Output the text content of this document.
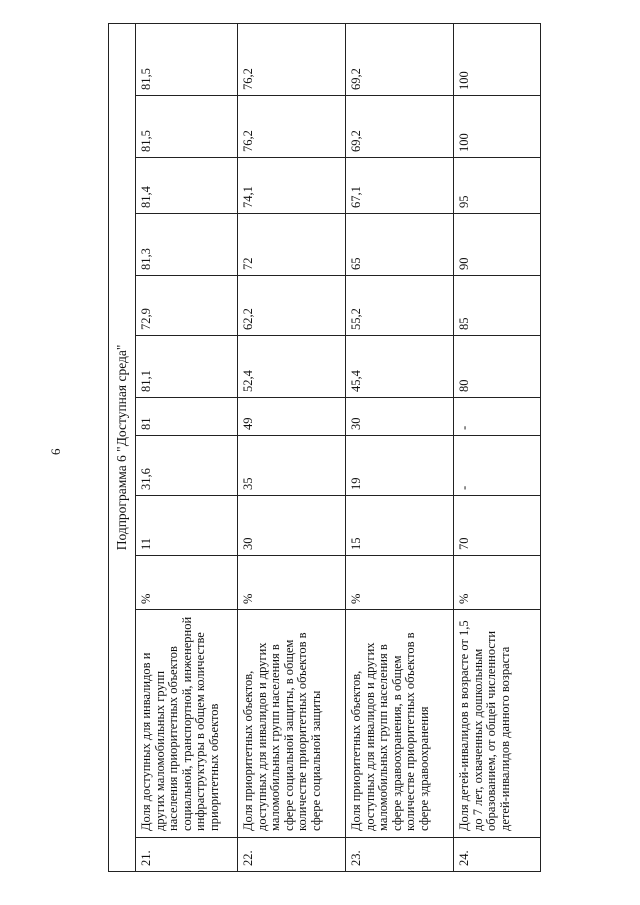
6	Подпрограмма 6 "Доступная среда"											
21.	Доля доступных для инвалидов и других маломобильных групп населения приоритетных объектов социальной, транспортной, инженерной инфраструктуры в общем количестве приоритетных объектов	%	11	31,6	81	81,1	72,9	81,3	81,4	81,5	81,5
22.	Доля приоритетных объектов, доступных для инвалидов и других маломобильных групп населения в сфере социальной защиты, в общем количестве приоритетных объектов в сфере социальной защиты	%	30	35	49	52,4	62,2	72	74,1	76,2	76,2
23.	Доля приоритетных объектов, доступных для инвалидов и других маломобильных групп населения в сфере здравоохранения, в общем количестве приоритетных объектов в сфере здравоохранения	%	15	19	30	45,4	55,2	65	67,1	69,2	69,2
24.	Доля детей-инвалидов в возрасте от 1,5 до 7 лет, охваченных дошкольным образованием, от общей численности детей-инвалидов данного возраста	%	70	-	-	80	85	90	95	100	100
